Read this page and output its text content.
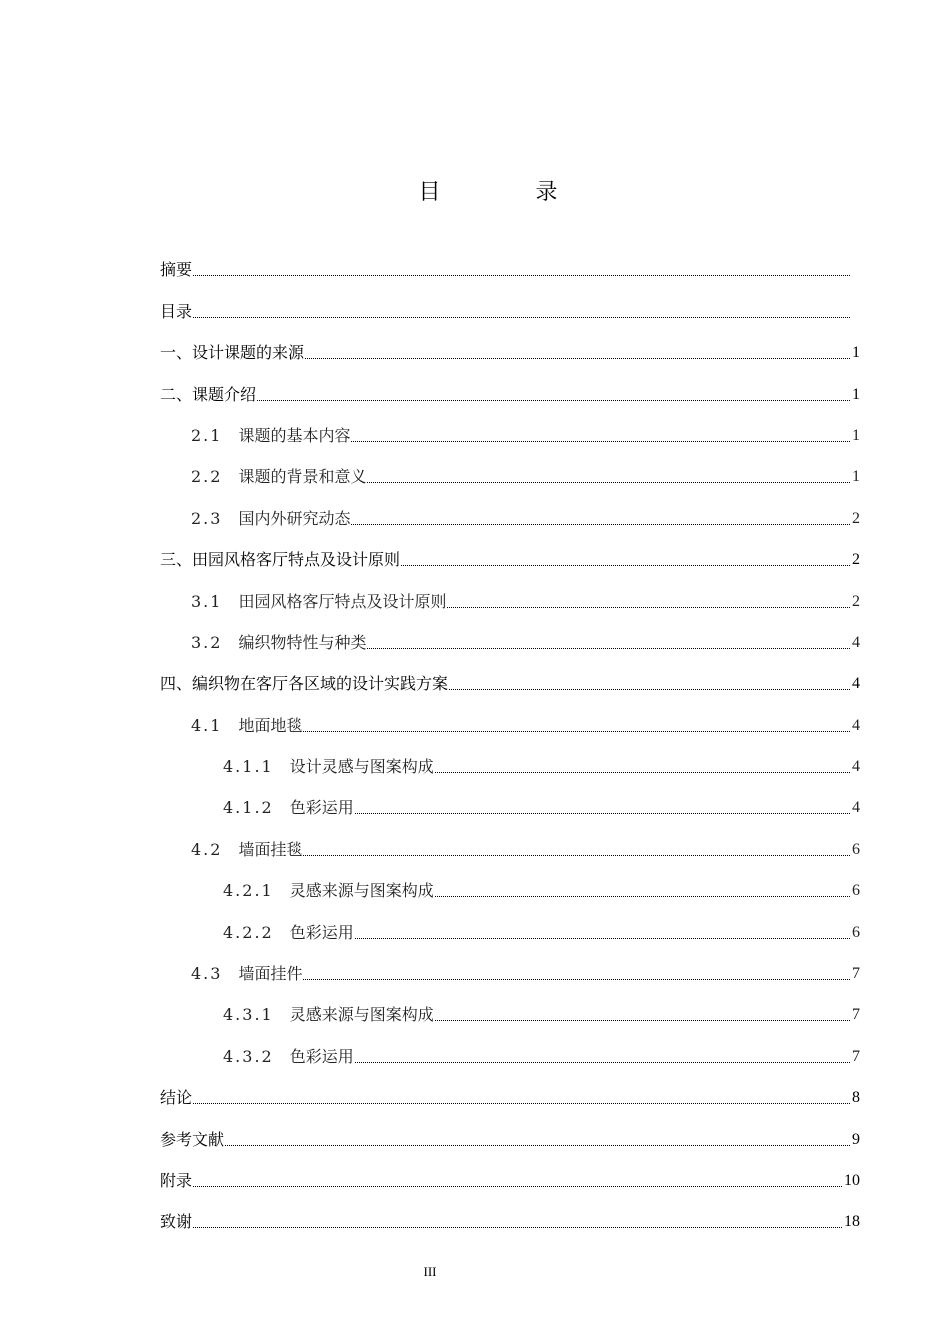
目 录
摘要
目录
一、设计课题的来源	1
二、课题介绍	1
2.1 课题的基本内容	1
2.2 课题的背景和意义	1
2.3 国内外研究动态	2
三、田园风格客厅特点及设计原则	2
3.1 田园风格客厅特点及设计原则	2
3.2 编织物特性与种类	4
四、编织物在客厅各区域的设计实践方案	4
4.1 地面地毯	4
4.1.1 设计灵感与图案构成	4
4.1.2 色彩运用	4
4.2 墙面挂毯	6
4.2.1 灵感来源与图案构成	6
4.2.2 色彩运用	6
4.3 墙面挂件	7
4.3.1 灵感来源与图案构成	7
4.3.2 色彩运用	7
结论	8
参考文献	9
附录	10
致谢	18
III
